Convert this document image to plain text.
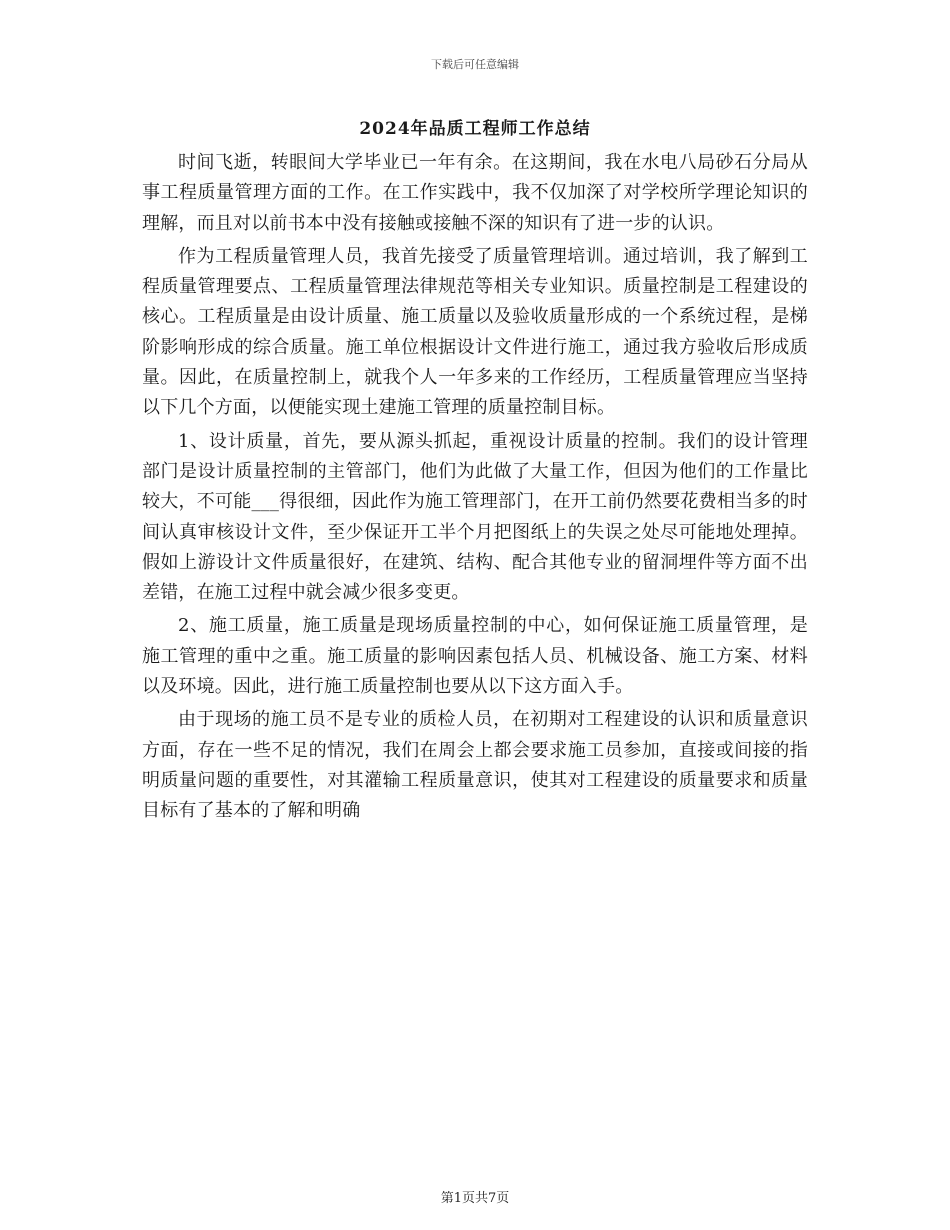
下载后可任意编辑
2024年品质工程师工作总结

时间飞逝，转眼间大学毕业已一年有余。在这期间，我在水电八局砂石分局从事工程质量管理方面的工作。在工作实践中，我不仅加深了对学校所学理论知识的理解，而且对以前书本中没有接触或接触不深的知识有了进一步的认识。

作为工程质量管理人员，我首先接受了质量管理培训。通过培训，我了解到工程质量管理要点、工程质量管理法律规范等相关专业知识。质量控制是工程建设的核心。工程质量是由设计质量、施工质量以及验收质量形成的一个系统过程，是梯阶影响形成的综合质量。施工单位根据设计文件进行施工，通过我方验收后形成质量。因此，在质量控制上，就我个人一年多来的工作经历，工程质量管理应当坚持以下几个方面，以便能实现土建施工管理的质量控制目标。

1、设计质量，首先，要从源头抓起，重视设计质量的控制。我们的设计管理部门是设计质量控制的主管部门，他们为此做了大量工作，但因为他们的工作量比较大，不可能___得很细，因此作为施工管理部门，在开工前仍然要花费相当多的时间认真审核设计文件，至少保证开工半个月把图纸上的失误之处尽可能地处理掉。假如上游设计文件质量很好，在建筑、结构、配合其他专业的留洞埋件等方面不出差错，在施工过程中就会减少很多变更。

2、施工质量，施工质量是现场质量控制的中心，如何保证施工质量管理，是施工管理的重中之重。施工质量的影响因素包括人员、机械设备、施工方案、材料以及环境。因此，进行施工质量控制也要从以下这方面入手。

由于现场的施工员不是专业的质检人员，在初期对工程建设的认识和质量意识方面，存在一些不足的情况，我们在周会上都会要求施工员参加，直接或间接的指明质量问题的重要性，对其灌输工程质量意识，使其对工程建设的质量要求和质量目标有了基本的了解和明确

第1页共7页
